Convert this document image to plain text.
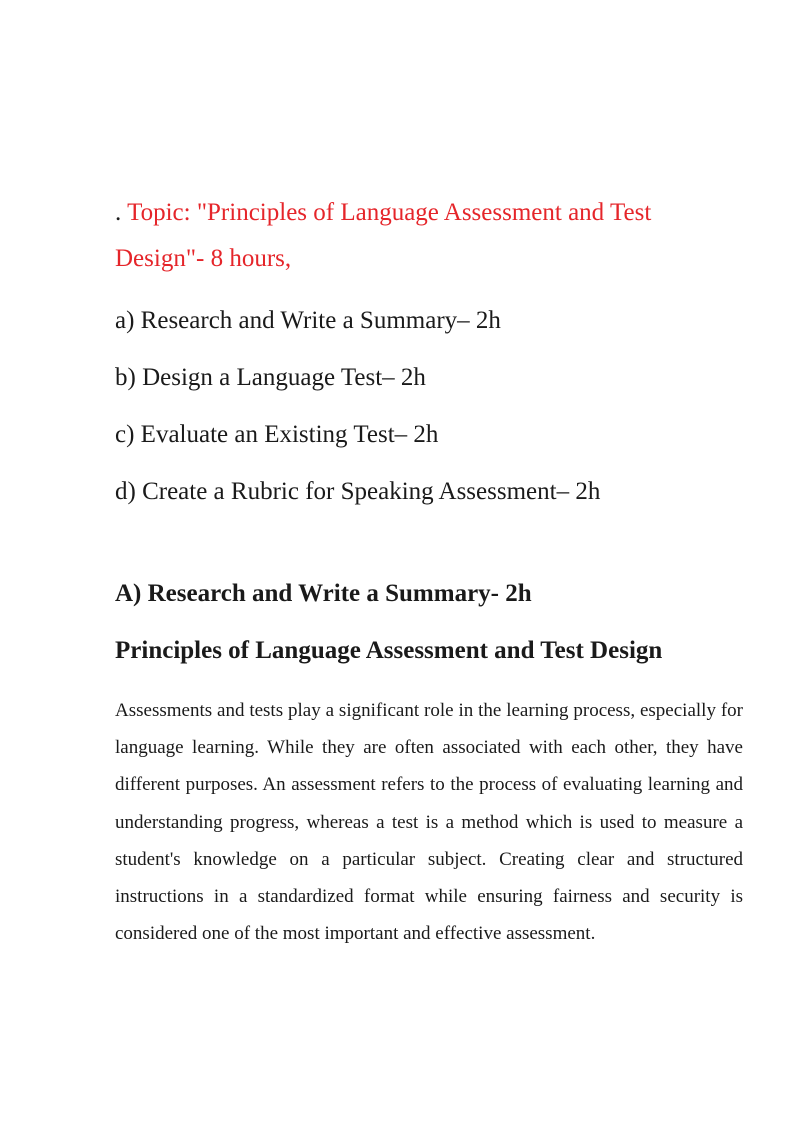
. Topic: "Principles of Language Assessment and Test Design"- 8 hours,

a) Research and Write a Summary– 2h
b) Design a Language Test– 2h
c) Evaluate an Existing Test– 2h
d) Create a Rubric for Speaking Assessment– 2h
A) Research and Write a Summary- 2h
Principles of Language Assessment and Test Design

Assessments and tests play a significant role in the learning process, especially for language learning. While they are often associated with each other, they have different purposes. An assessment refers to the process of evaluating learning and understanding progress, whereas a test is a method which is used to measure a student's knowledge on a particular subject. Creating clear and structured instructions in a standardized format while ensuring fairness and security is considered one of the most important and effective assessment.
